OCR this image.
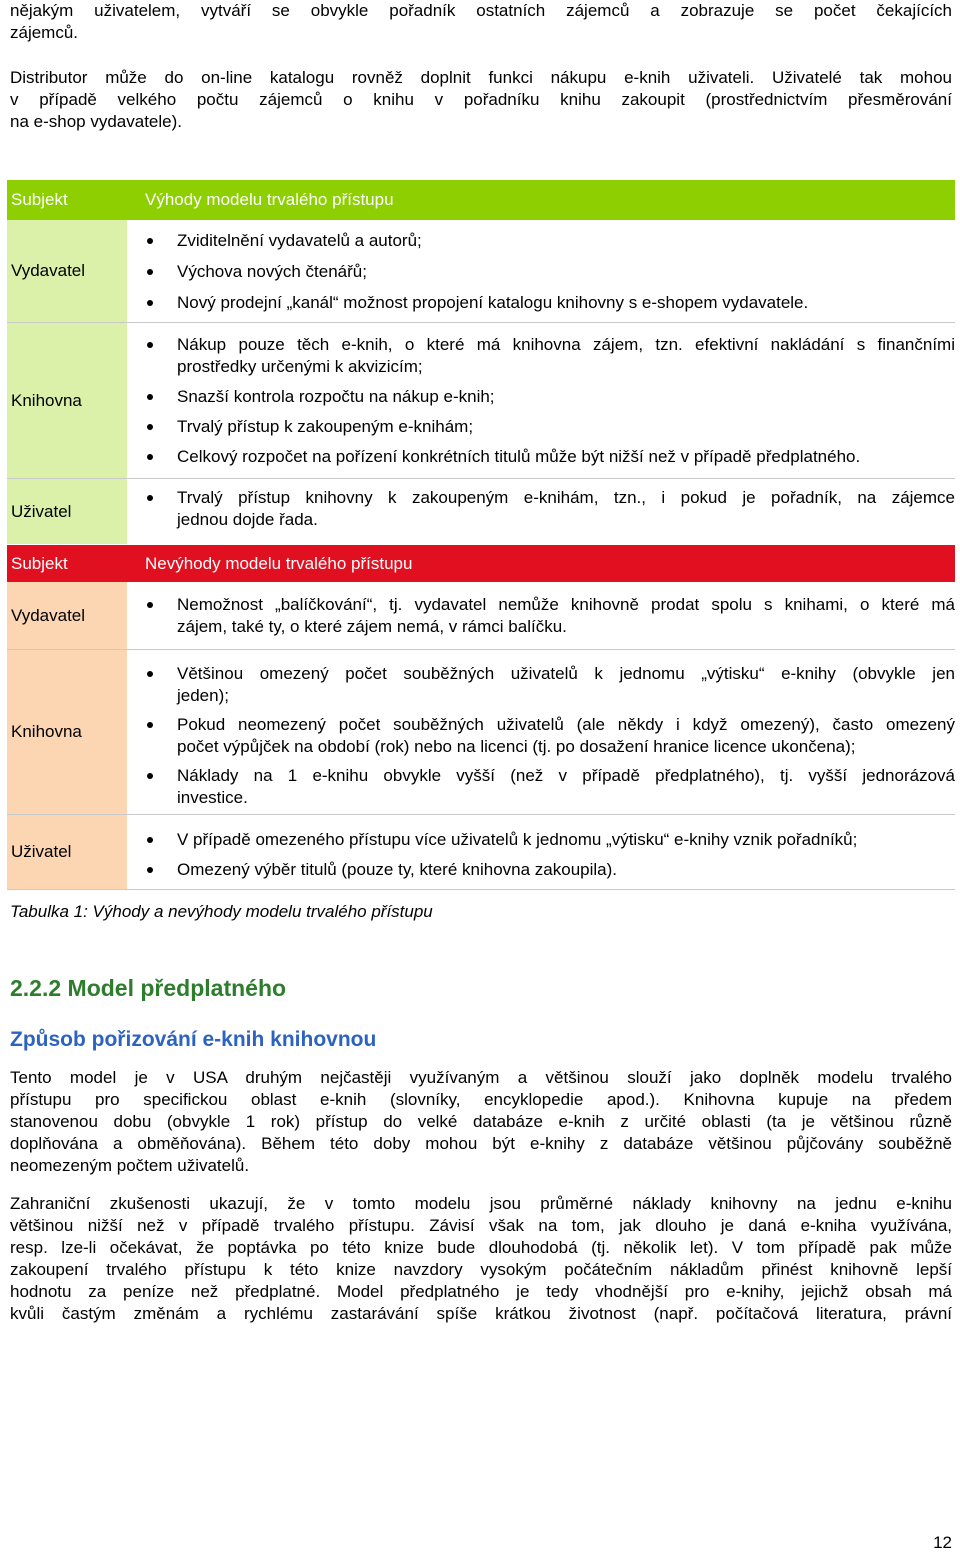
nějakým uživatelem, vytváří se obvykle pořadník ostatních zájemců a zobrazuje se počet čekajících
zájemců.
Distributor může do on-line katalogu rovněž doplnit funkci nákupu e-knih uživateli. Uživatelé tak mohou
v případě velkého počtu zájemců o knihu v pořadníku knihu zakoupit (prostřednictvím přesměrování
na e-shop vydavatele).
Subjekt	Výhody modelu trvalého přístupu
Vydavatel
Zviditelnění vydavatelů a autorů;
Výchova nových čtenářů;
Nový prodejní „kanál“ možnost propojení katalogu knihovny s e-shopem vydavatele.
Knihovna
Nákup pouze těch e-knih, o které má knihovna zájem, tzn. efektivní nakládání s finančními
prostředky určenými k akvizicím;
Snazší kontrola rozpočtu na nákup e-knih;
Trvalý přístup k zakoupeným e-knihám;
Celkový rozpočet na pořízení konkrétních titulů může být nižší než v případě předplatného.
Uživatel
Trvalý přístup knihovny k zakoupeným e-knihám, tzn., i pokud je pořadník, na zájemce
jednou dojde řada.
Subjekt	Nevýhody modelu trvalého přístupu
Vydavatel
Nemožnost „balíčkování“, tj. vydavatel nemůže knihovně prodat spolu s knihami, o které má
zájem, také ty, o které zájem nemá, v rámci balíčku.
Knihovna
Většinou omezený počet souběžných uživatelů k jednomu „výtisku“ e-knihy (obvykle jen
jeden);
Pokud neomezený počet souběžných uživatelů (ale někdy i když omezený), často omezený
počet výpůjček na období (rok) nebo na licenci (tj. po dosažení hranice licence ukončena);
Náklady na 1 e-knihu obvykle vyšší (než v případě předplatného), tj. vyšší jednorázová
investice.
Uživatel
V případě omezeného přístupu více uživatelů k jednomu „výtisku“ e-knihy vznik pořadníků;
Omezený výběr titulů (pouze ty, které knihovna zakoupila).
Tabulka 1: Výhody a nevýhody modelu trvalého přístupu
2.2.2 Model předplatného
Způsob pořizování e-knih knihovnou
Tento model je v USA druhým nejčastěji využívaným a většinou slouží jako doplněk modelu trvalého
přístupu pro specifickou oblast e-knih (slovníky, encyklopedie apod.). Knihovna kupuje na předem
stanovenou dobu (obvykle 1 rok) přístup do velké databáze e-knih z určité oblasti (ta je většinou různě
doplňována a obměňována). Během této doby mohou být e-knihy z databáze většinou půjčovány souběžně
neomezeným počtem uživatelů.
Zahraniční zkušenosti ukazují, že v tomto modelu jsou průměrné náklady knihovny na jednu e-knihu
většinou nižší než v případě trvalého přístupu. Závisí však na tom, jak dlouho je daná e-kniha využívána,
resp. lze-li očekávat, že poptávka po této knize bude dlouhodobá (tj. několik let). V tom případě pak může
zakoupení trvalého přístupu k této knize navzdory vysokým počátečním nákladům přinést knihovně lepší
hodnotu za peníze než předplatné. Model předplatného je tedy vhodnější pro e-knihy, jejichž obsah má
kvůli častým změnám a rychlému zastarávání spíše krátkou životnost (např. počítačová literatura, právní
12
